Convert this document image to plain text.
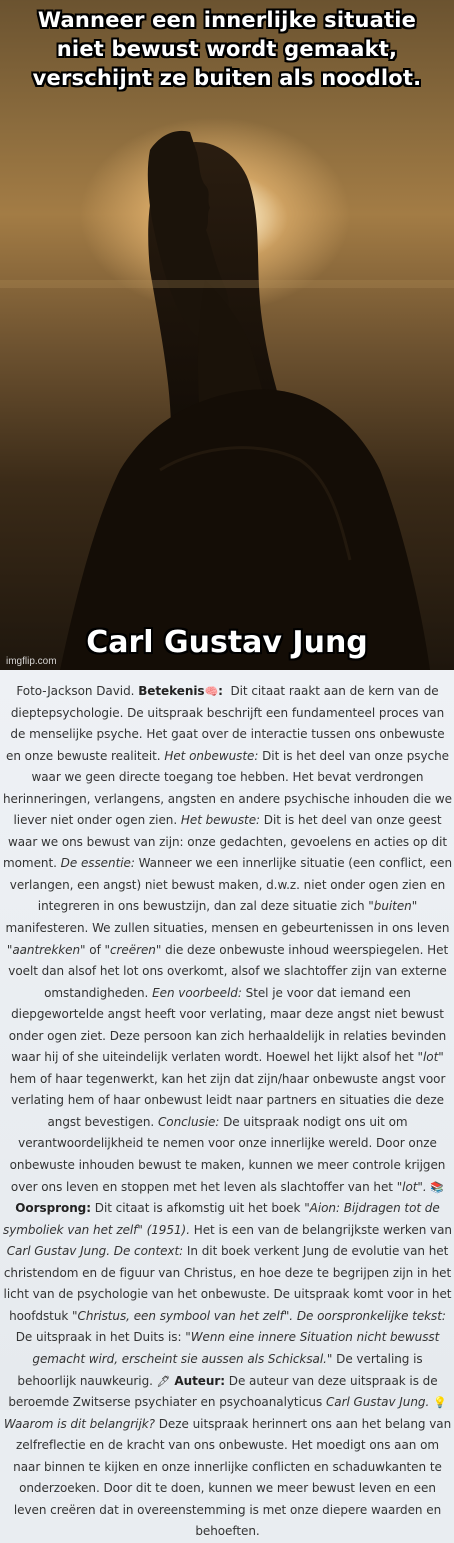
Wanneer een innerlijke situatie
niet bewust wordt gemaakt,
verschijnt ze buiten als noodlot.
Carl Gustav Jung
imgflip.com
Foto-Jackson David. Betekenis🧠: Dit citaat raakt aan de kern van de dieptepsychologie. De uitspraak beschrijft een fundamenteel proces van de menselijke psyche. Het gaat over de interactie tussen ons onbewuste en onze bewuste realiteit. Het onbewuste: Dit is het deel van onze psyche waar we geen directe toegang toe hebben. Het bevat verdrongen herinneringen, verlangens, angsten en andere psychische inhouden die we liever niet onder ogen zien. Het bewuste: Dit is het deel van onze geest waar we ons bewust van zijn: onze gedachten, gevoelens en acties op dit moment. De essentie: Wanneer we een innerlijke situatie (een conflict, een verlangen, een angst) niet bewust maken, d.w.z. niet onder ogen zien en integreren in ons bewustzijn, dan zal deze situatie zich "buiten" manifesteren. We zullen situaties, mensen en gebeurtenissen in ons leven "aantrekken" of "creëren" die deze onbewuste inhoud weerspiegelen. Het voelt dan alsof het lot ons overkomt, alsof we slachtoffer zijn van externe omstandigheden. Een voorbeeld: Stel je voor dat iemand een diepgewortelde angst heeft voor verlating, maar deze angst niet bewust onder ogen ziet. Deze persoon kan zich herhaaldelijk in relaties bevinden waar hij of she uiteindelijk verlaten wordt. Hoewel het lijkt alsof het "lot" hem of haar tegenwerkt, kan het zijn dat zijn/haar onbewuste angst voor verlating hem of haar onbewust leidt naar partners en situaties die deze angst bevestigen. Conclusie: De uitspraak nodigt ons uit om verantwoordelijkheid te nemen voor onze innerlijke wereld. Door onze onbewuste inhouden bewust te maken, kunnen we meer controle krijgen over ons leven en stoppen met het leven als slachtoffer van het "lot". 📚 Oorsprong: Dit citaat is afkomstig uit het boek "Aion: Bijdragen tot de symboliek van het zelf" (1951). Het is een van de belangrijkste werken van Carl Gustav Jung. De context: In dit boek verkent Jung de evolutie van het christendom en de figuur van Christus, en hoe deze te begrijpen zijn in het licht van de psychologie van het onbewuste. De uitspraak komt voor in het hoofdstuk "Christus, een symbool van het zelf". De oorspronkelijke tekst: De uitspraak in het Duits is: "Wenn eine innere Situation nicht bewusst gemacht wird, erscheint sie aussen als Schicksal." De vertaling is behoorlijk nauwkeurig. 🖋 Auteur: De auteur van deze uitspraak is de beroemde Zwitserse psychiater en psychoanalyticus Carl Gustav Jung. 💡 Waarom is dit belangrijk? Deze uitspraak herinnert ons aan het belang van zelfreflectie en de kracht van ons onbewuste. Het moedigt ons aan om naar binnen te kijken en onze innerlijke conflicten en schaduwkanten te onderzoeken. Door dit te doen, kunnen we meer bewust leven en een leven creëren dat in overeenstemming is met onze diepere waarden en behoeften.
